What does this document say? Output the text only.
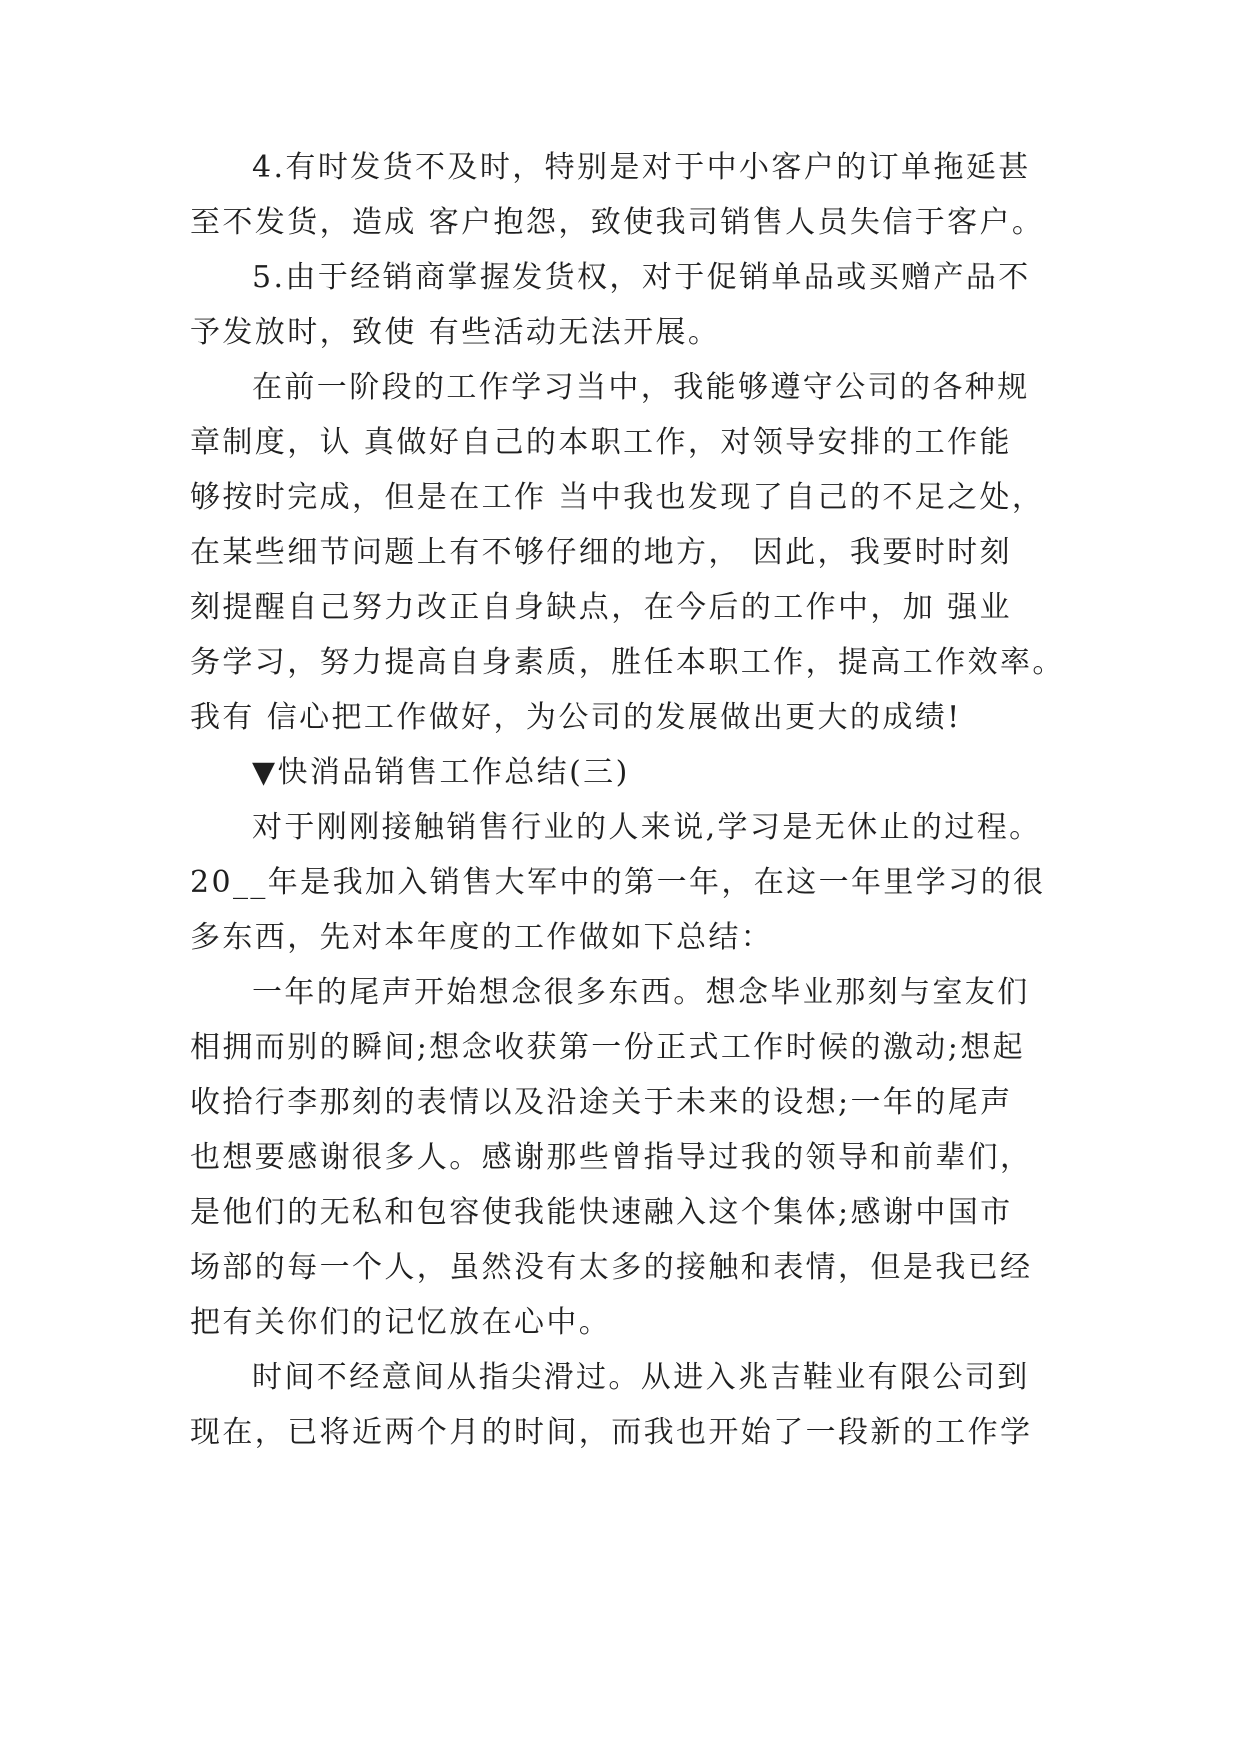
4.有时发货不及时，特别是对于中小客户的订单拖延甚
至不发货，造成 客户抱怨，致使我司销售人员失信于客户。
5.由于经销商掌握发货权，对于促销单品或买赠产品不
予发放时，致使 有些活动无法开展。
在前一阶段的工作学习当中，我能够遵守公司的各种规
章制度，认 真做好自己的本职工作，对领导安排的工作能
够按时完成，但是在工作 当中我也发现了自己的不足之处，
在某些细节问题上有不够仔细的地方， 因此，我要时时刻
刻提醒自己努力改正自身缺点，在今后的工作中，加 强业
务学习，努力提高自身素质，胜任本职工作，提高工作效率。
我有 信心把工作做好，为公司的发展做出更大的成绩!
▼快消品销售工作总结(三)
对于刚刚接触销售行业的人来说,学习是无休止的过程。
20__年是我加入销售大军中的第一年，在这一年里学习的很
多东西，先对本年度的工作做如下总结：
一年的尾声开始想念很多东西。想念毕业那刻与室友们
相拥而别的瞬间;想念收获第一份正式工作时候的激动;想起
收拾行李那刻的表情以及沿途关于未来的设想;一年的尾声
也想要感谢很多人。感谢那些曾指导过我的领导和前辈们，
是他们的无私和包容使我能快速融入这个集体;感谢中国市
场部的每一个人，虽然没有太多的接触和表情，但是我已经
把有关你们的记忆放在心中。
时间不经意间从指尖滑过。从进入兆吉鞋业有限公司到
现在，已将近两个月的时间，而我也开始了一段新的工作学
